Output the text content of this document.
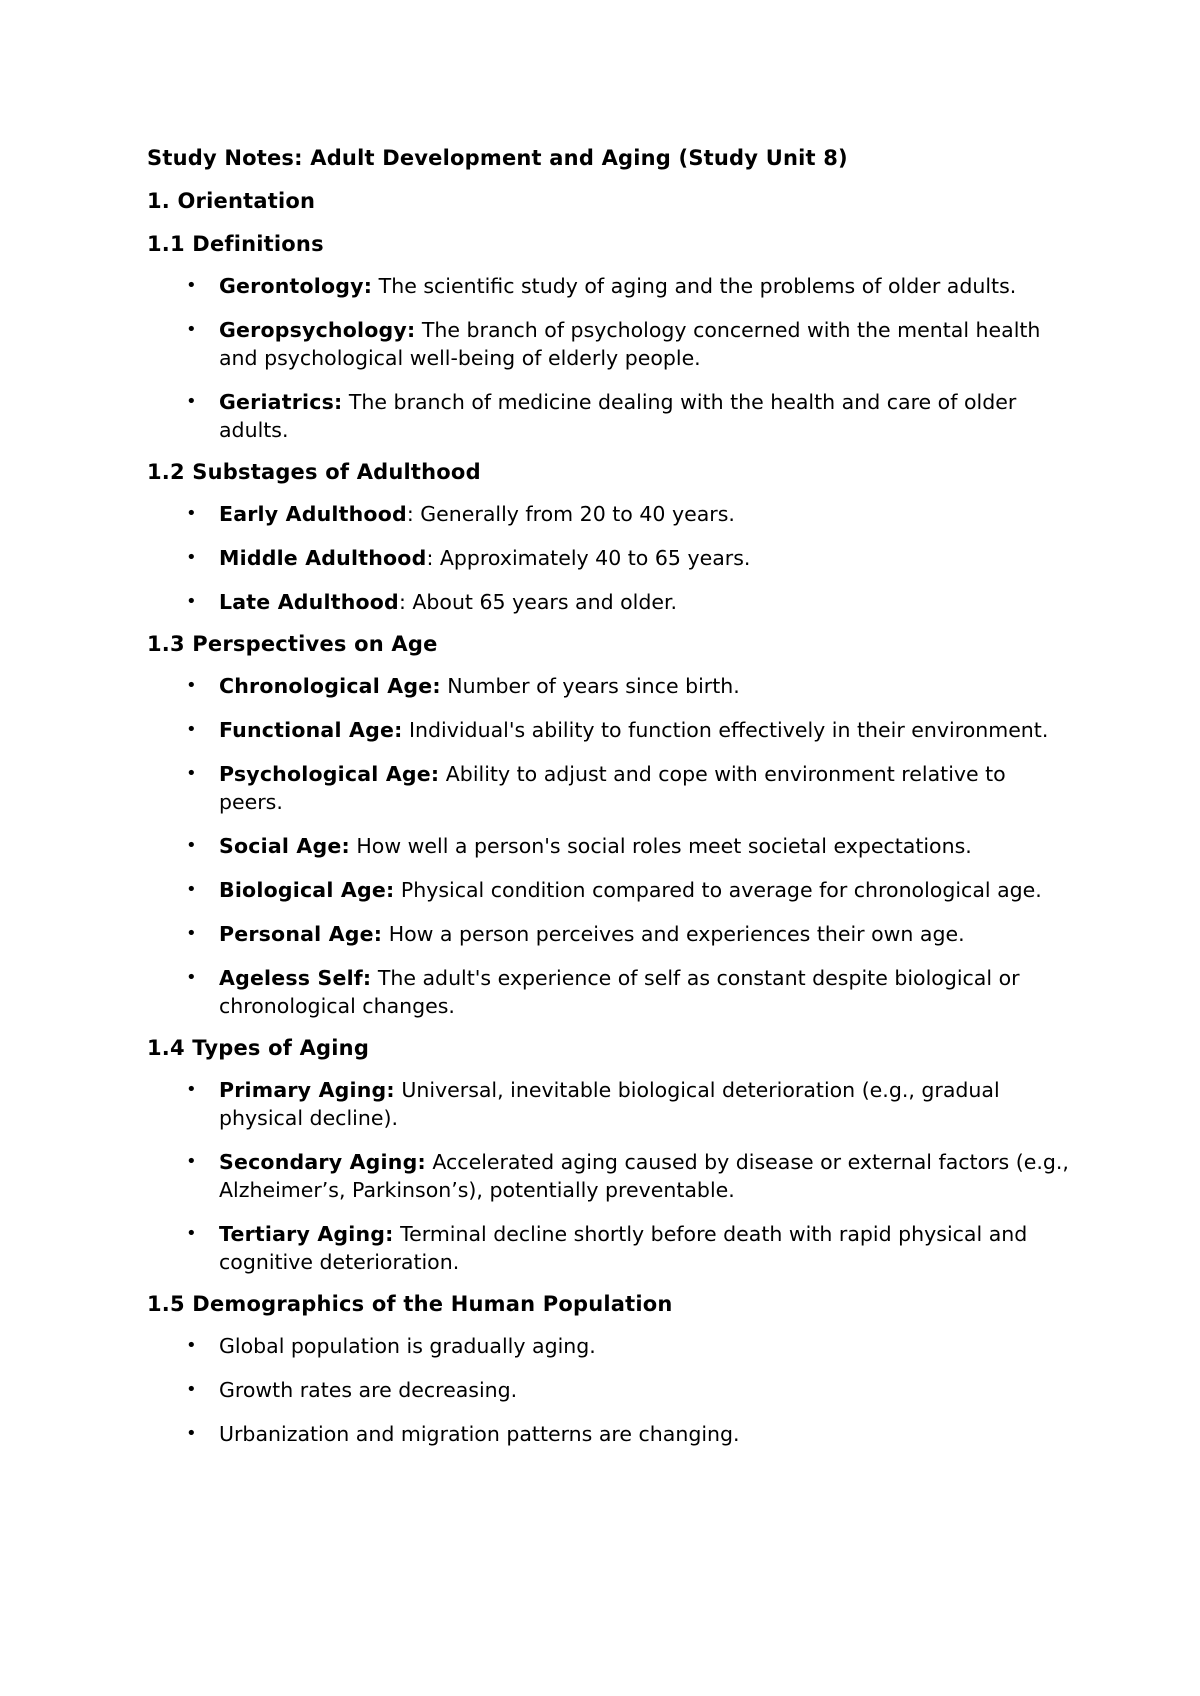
Study Notes: Adult Development and Aging (Study Unit 8)
1. Orientation
1.1 Definitions
• Gerontology: The scientific study of aging and the problems of older adults.
• Geropsychology: The branch of psychology concerned with the mental health and psychological well-being of elderly people.
• Geriatrics: The branch of medicine dealing with the health and care of older adults.
1.2 Substages of Adulthood
• Early Adulthood: Generally from 20 to 40 years.
• Middle Adulthood: Approximately 40 to 65 years.
• Late Adulthood: About 65 years and older.
1.3 Perspectives on Age
• Chronological Age: Number of years since birth.
• Functional Age: Individual's ability to function effectively in their environment.
• Psychological Age: Ability to adjust and cope with environment relative to peers.
• Social Age: How well a person's social roles meet societal expectations.
• Biological Age: Physical condition compared to average for chronological age.
• Personal Age: How a person perceives and experiences their own age.
• Ageless Self: The adult's experience of self as constant despite biological or chronological changes.
1.4 Types of Aging
• Primary Aging: Universal, inevitable biological deterioration (e.g., gradual physical decline).
• Secondary Aging: Accelerated aging caused by disease or external factors (e.g., Alzheimer’s, Parkinson’s), potentially preventable.
• Tertiary Aging: Terminal decline shortly before death with rapid physical and cognitive deterioration.
1.5 Demographics of the Human Population
• Global population is gradually aging.
• Growth rates are decreasing.
• Urbanization and migration patterns are changing.
